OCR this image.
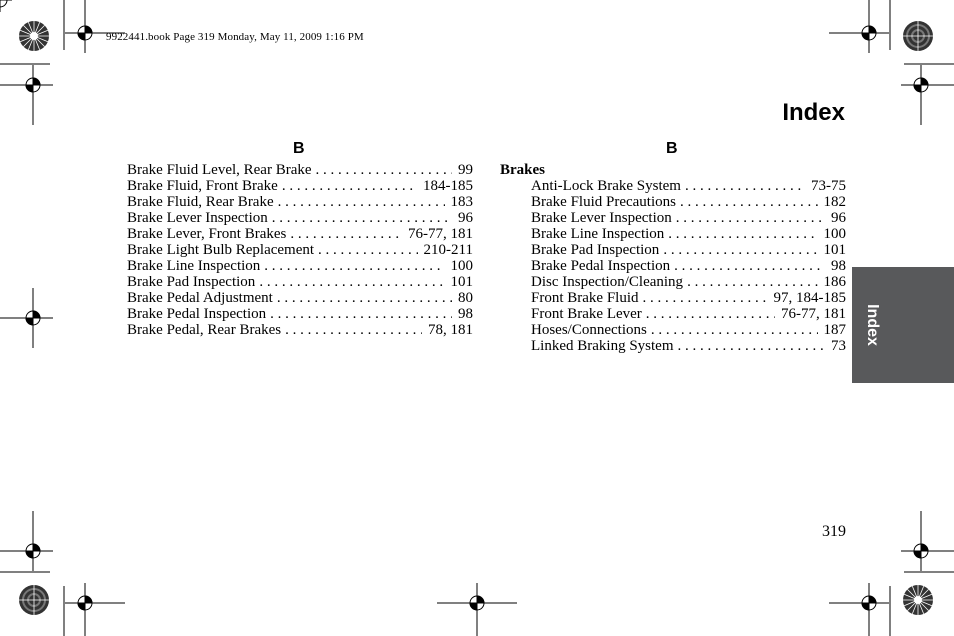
9922441.book Page 319 Monday, May 11, 2009 1:16 PM
Index
B	B
Brake Fluid Level, Rear Brake . . .	99
Brake Fluid, Front Brake . . .	184-185
Brake Fluid, Rear Brake . . .	183
Brake Lever Inspection . . .	96
Brake Lever, Front Brakes . . .	76-77, 181
Brake Light Bulb Replacement . . .	210-211
Brake Line Inspection . . .	100
Brake Pad Inspection . . .	101
Brake Pedal Adjustment . . .	80
Brake Pedal Inspection . . .	98
Brake Pedal, Rear Brakes . . .	78, 181
Brakes
Anti-Lock Brake System . . .	73-75
Brake Fluid Precautions . . .	182
Brake Lever Inspection . . .	96
Brake Line Inspection . . .	100
Brake Pad Inspection . . .	101
Brake Pedal Inspection . . .	98
Disc Inspection/Cleaning . . .	186
Front Brake Fluid . . .	97, 184-185
Front Brake Lever . . .	76-77, 181
Hoses/Connections . . .	187
Linked Braking System . . .	73
Index
319
